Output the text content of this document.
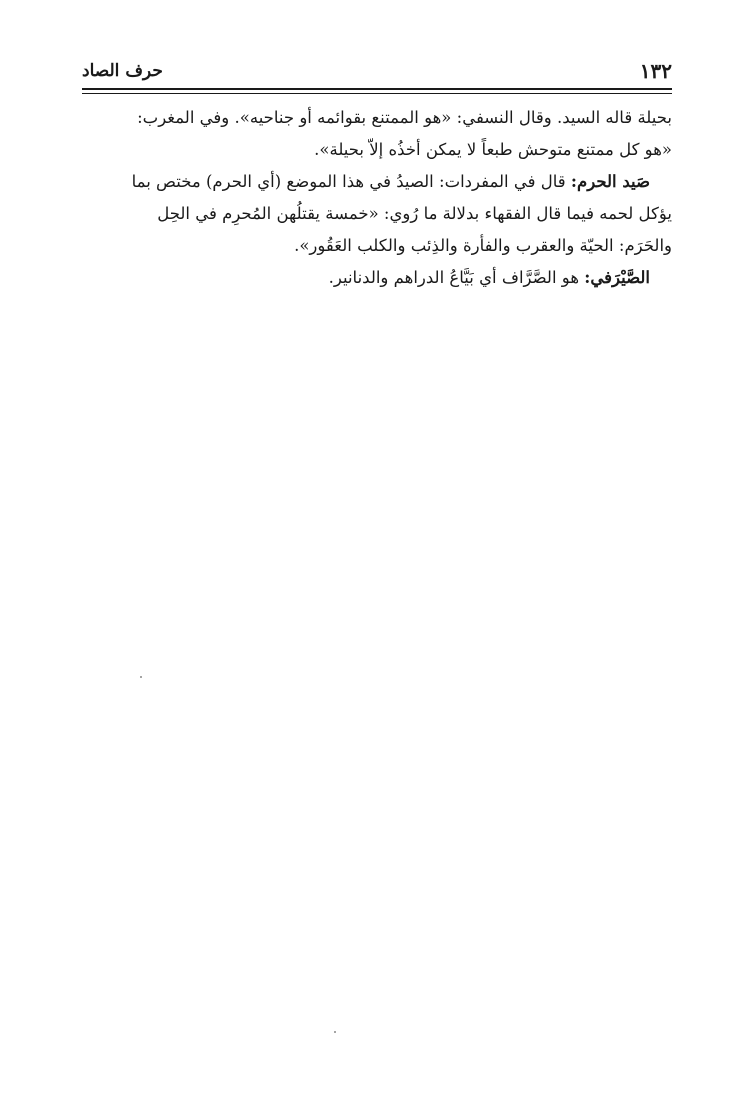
١٣٢
حرف الصاد

بحيلة قاله السيد. وقال النسفي: «هو الممتنع بقوائمه أو جناحيه». وفي المغرب:
«هو كل ممتنع متوحش طبعاً لا يمكن أخذُه إلاّ بحيلة».

صَيد الحرم: قال في المفردات: الصيدُ في هذا الموضع (أي الحرم) مختص بما
يؤكل لحمه فيما قال الفقهاء بدلالة ما رُوي: «خمسة يقتلُهن المُحرِم في الحِل
والحَرَم: الحيّة والعقرب والفأرة والذِئب والكلب العَقُور».

الصَّيْرَفي: هو الصَّرَّاف أي بَيَّاعُ الدراهم والدنانير.
